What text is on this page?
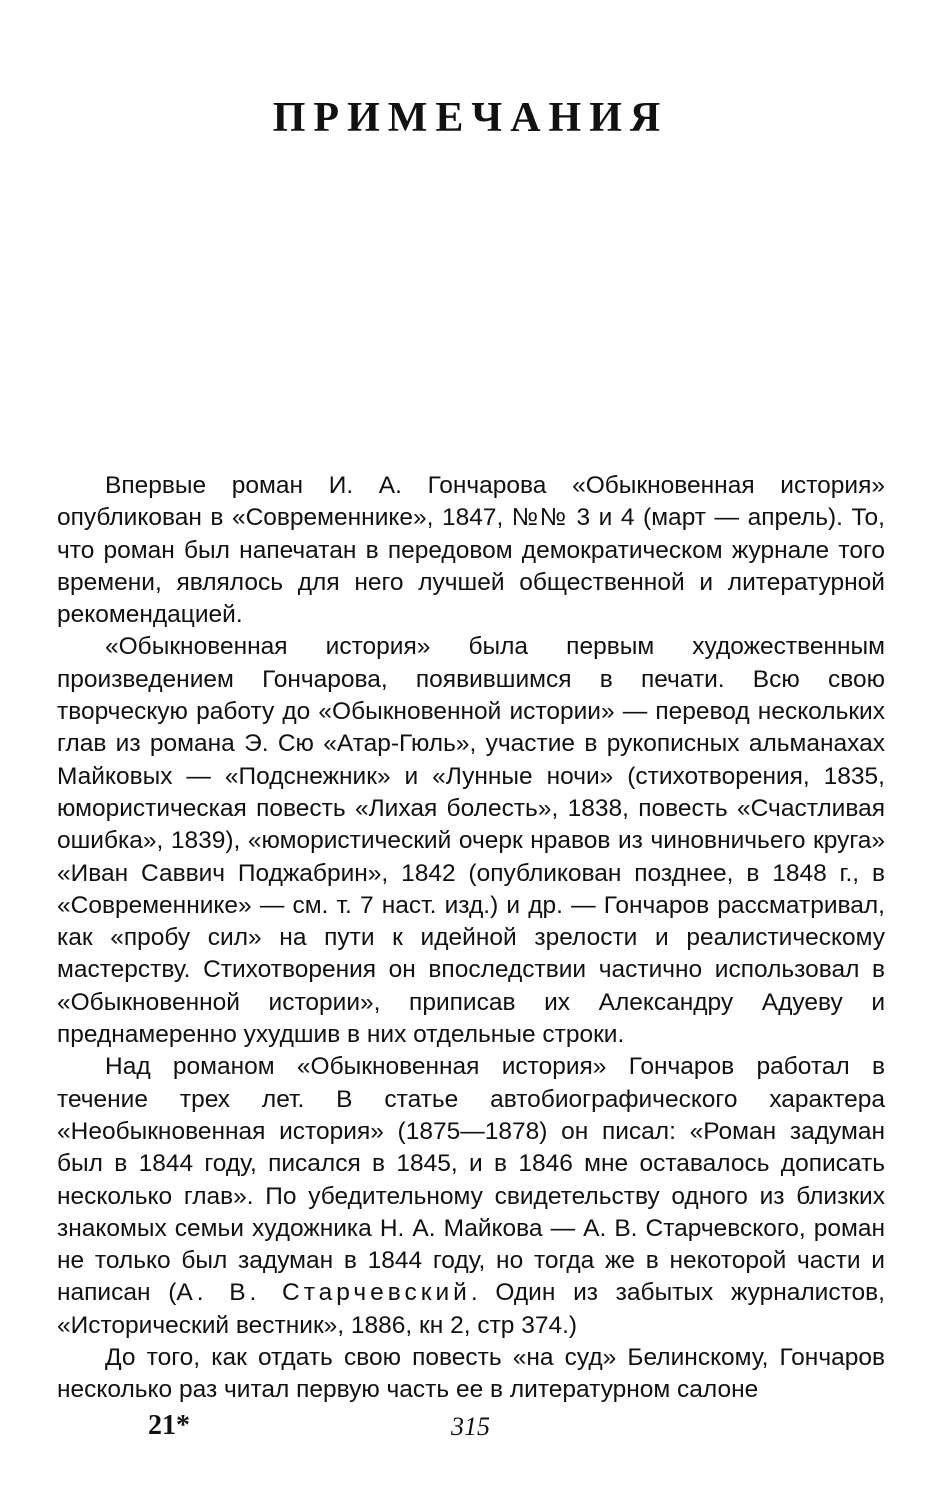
ПРИМЕЧАНИЯ

Впервые роман И. А. Гончарова «Обыкновенная история» опубликован в «Современнике», 1847, №№ 3 и 4 (март — апрель). То, что роман был напечатан в передовом демократическом журнале того времени, являлось для него лучшей общественной и литературной рекомендацией.

«Обыкновенная история» была первым художественным произведением Гончарова, появившимся в печати. Всю свою творческую работу до «Обыкновенной истории» — перевод нескольких глав из романа Э. Сю «Атар-Гюль», участие в рукописных альманахах Майковых — «Подснежник» и «Лунные ночи» (стихотворения, 1835, юмористическая повесть «Лихая болесть», 1838, повесть «Счастливая ошибка», 1839), «юмористический очерк нравов из чиновничьего круга» «Иван Саввич Поджабрин», 1842 (опубликован позднее, в 1848 г., в «Современнике» — см. т. 7 наст. изд.) и др. — Гончаров рассматривал, как «пробу сил» на пути к идейной зрелости и реалистическому мастерству. Стихотворения он впоследствии частично использовал в «Обыкновенной истории», приписав их Александру Адуеву и преднамеренно ухудшив в них отдельные строки.

Над романом «Обыкновенная история» Гончаров работал в течение трех лет. В статье автобиографического характера «Необыкновенная история» (1875—1878) он писал: «Роман задуман был в 1844 году, писался в 1845, и в 1846 мне оставалось дописать несколько глав». По убедительному свидетельству одного из близких знакомых семьи художника Н. А. Майкова — А. В. Старчевского, роман не только был задуман в 1844 году, но тогда же в некоторой части и написан (А. В. Старчевский. Один из забытых журналистов, «Исторический вестник», 1886, кн 2, стр 374.)

До того, как отдать свою повесть «на суд» Белинскому, Гончаров несколько раз читал первую часть ее в литературном салоне

21*	315
